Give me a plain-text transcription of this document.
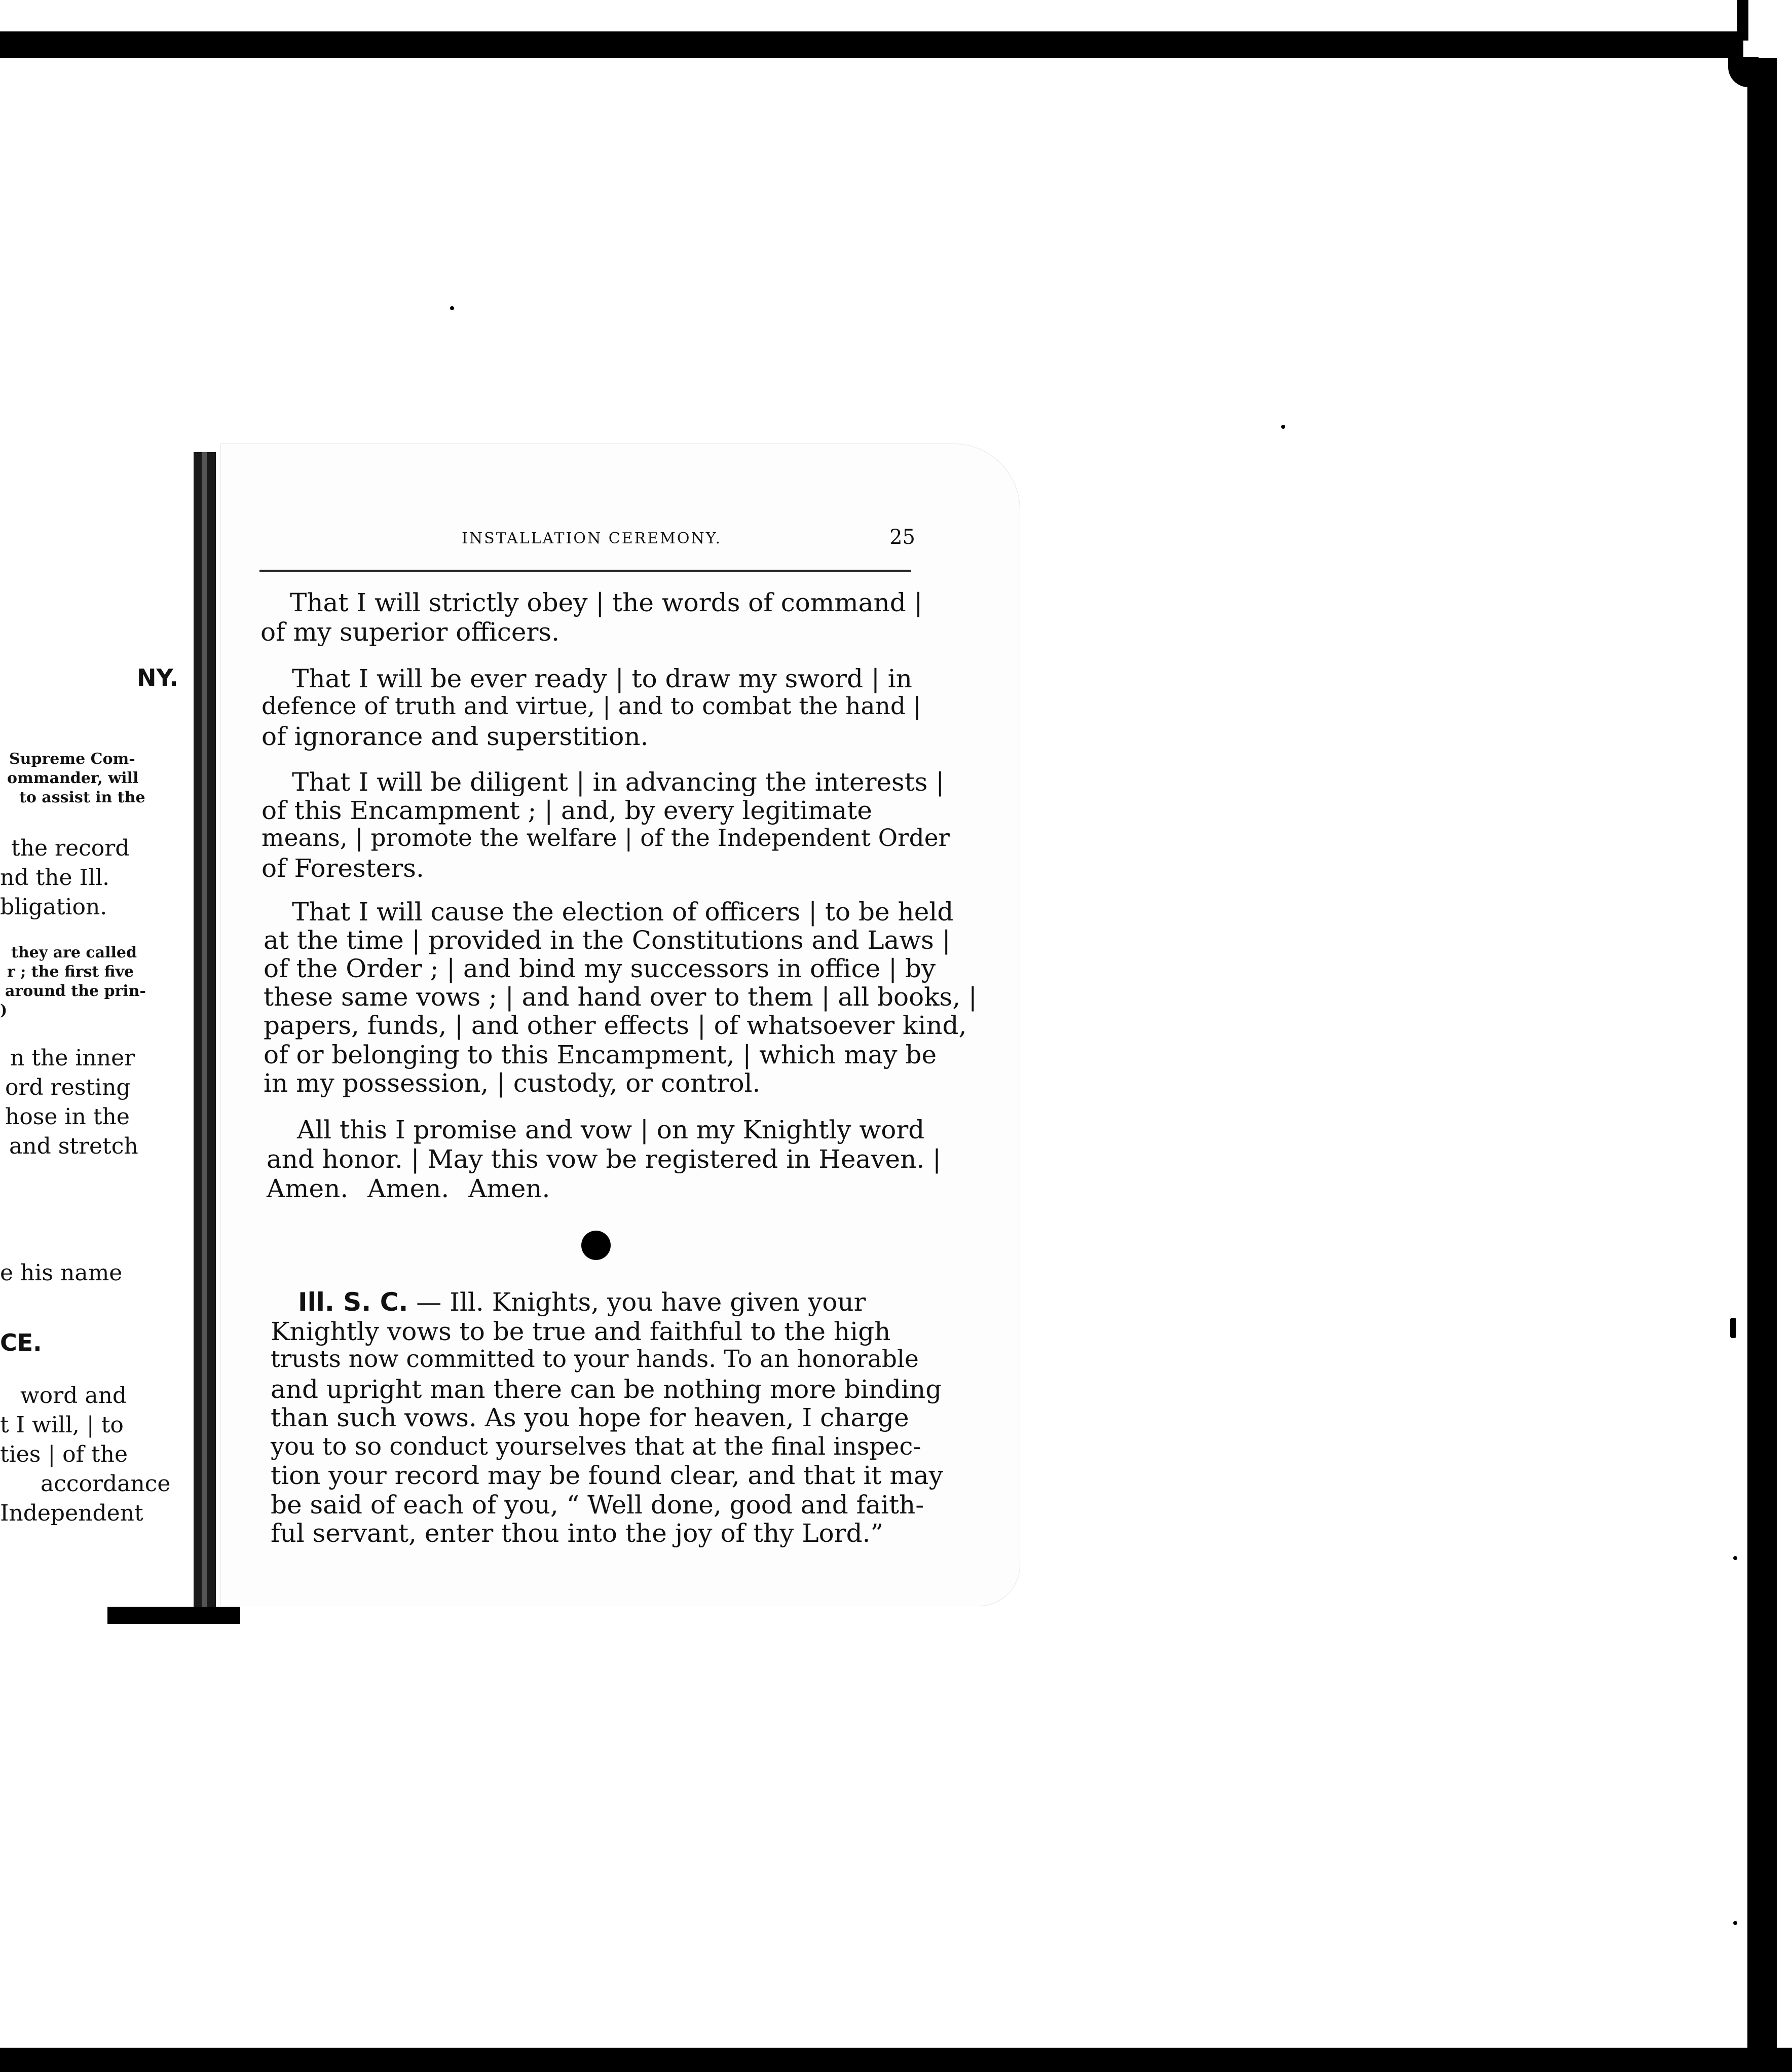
NY.
Supreme Com-
ommander, will
to assist in the
the record
nd the Ill.
bligation.
they are called
r ; the first five
around the prin-
)
n the inner
ord resting
hose in the
and stretch
e his name
CE.
word and
t I will, | to
ties | of the
accordance
Independent
INSTALLATION CEREMONY.	25
That I will strictly obey | the words of command |
of my superior officers.
That I will be ever ready | to draw my sword | in
defence of truth and virtue, | and to combat the hand |
of ignorance and superstition.
That I will be diligent | in advancing the interests |
of this Encampment ; | and, by every legitimate
means, | promote the welfare | of the Independent Order
of Foresters.
That I will cause the election of officers | to be held
at the time | provided in the Constitutions and Laws |
of the Order ; | and bind my successors in office | by
these same vows ; | and hand over to them | all books, |
papers, funds, | and other effects | of whatsoever kind,
of or belonging to this Encampment, | which may be
in my possession, | custody, or control.
All this I promise and vow | on my Knightly word
and honor. | May this vow be registered in Heaven. |
Amen. Amen. Amen.
Ill. S. C. — Ill. Knights, you have given your
Knightly vows to be true and faithful to the high
trusts now committed to your hands. To an honorable
and upright man there can be nothing more binding
than such vows. As you hope for heaven, I charge
you to so conduct yourselves that at the final inspec-
tion your record may be found clear, and that it may
be said of each of you, “ Well done, good and faith-
ful servant, enter thou into the joy of thy Lord.”
